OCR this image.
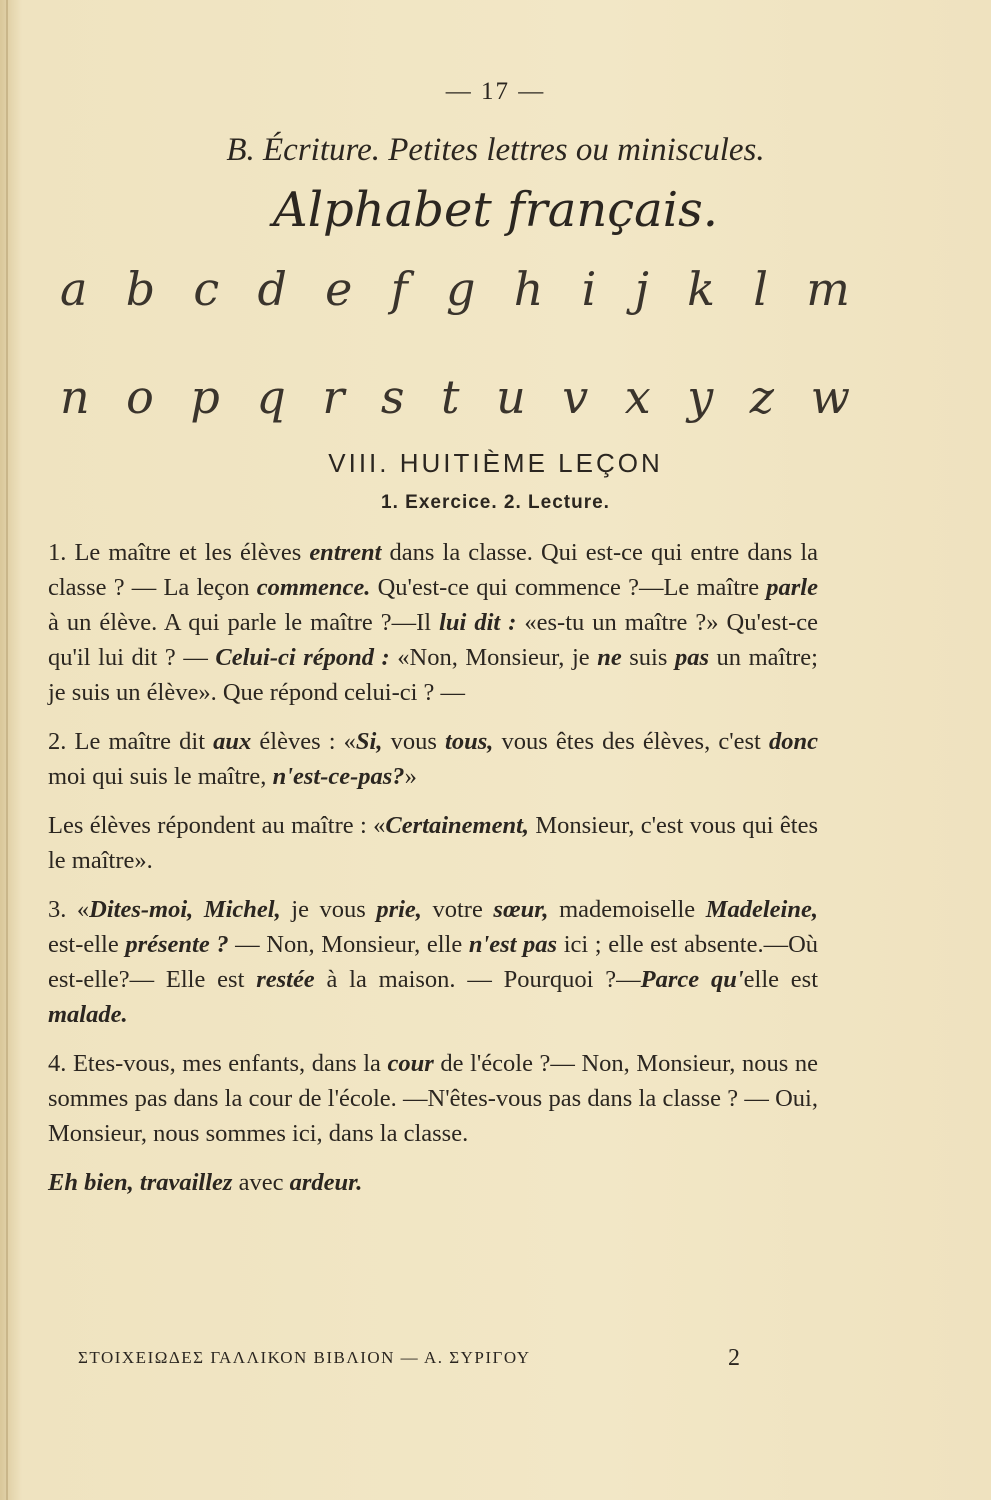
— 17 —
B. Écriture. Petites lettres ou miniscules.
Alphabet français.
a b c d e f g h i j k l m
n o p q r s t u v x y z w
VIII. HUITIÈME LEÇON
1. Exercice. 2. Lecture.

1. Le maître et les élèves entrent dans la classe. Qui est-ce qui entre dans la classe ? — La leçon commence. Qu'est-ce qui commence ?—Le maître parle à un élève. A qui parle le maître ?—Il lui dit : «es-tu un maître ?» Qu'est-ce qu'il lui dit ? — Celui-ci répond : «Non, Monsieur, je ne suis pas un maître; je suis un élève». Que répond celui-ci ? —

2. Le maître dit aux élèves : «Si, vous tous, vous êtes des élèves, c'est donc moi qui suis le maître, n'est-ce-pas?»

Les élèves répondent au maître : «Certainement, Monsieur, c'est vous qui êtes le maître».

3. «Dites-moi, Michel, je vous prie, votre sœur, mademoiselle Madeleine, est-elle présente ? — Non, Monsieur, elle n'est pas ici ; elle est absente.—Où est-elle?— Elle est restée à la maison. — Pourquoi ?—Parce qu'elle est malade.

4. Etes-vous, mes enfants, dans la cour de l'école ?— Non, Monsieur, nous ne sommes pas dans la cour de l'école. —N'êtes-vous pas dans la classe ? — Oui, Monsieur, nous sommes ici, dans la classe.

Eh bien, travaillez avec ardeur.

ΣΤΟΙΧΕΙΩΔΕΣ ΓΑΛΛΙΚΟΝ ΒΙΒΛΙΟΝ — Α. ΣΥΡΙΓΟΥ	2
